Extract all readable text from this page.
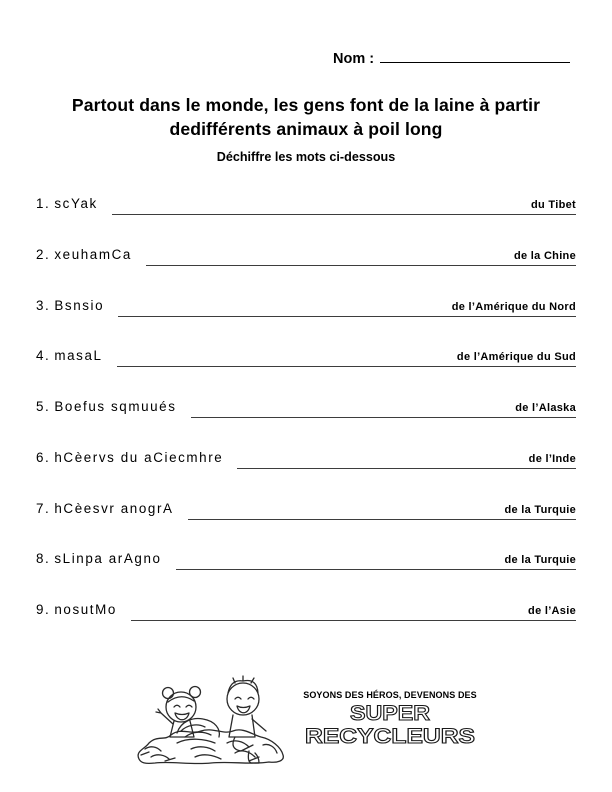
Nom :
Partout dans le monde, les gens font de la laine à partir
dedifférents animaux à poil long
Déchiffre les mots ci-dessous
1. scYak	du Tibet
2. xeuhamCa	de la Chine
3. Bsnsio	de l’Amérique du Nord
4. masaL	de l’Amérique du Sud
5. Boefus sqmuués	de l’Alaska
6. hCèervs du aCiecmhre	de l’Inde
7. hCèesvr anogrA	de la Turquie
8. sLinpa arAgno	de la Turquie
9. nosutMo	de l’Asie
SOYONS DES HÉROS, DEVENONS DES
SUPER
RECYCLEURS
